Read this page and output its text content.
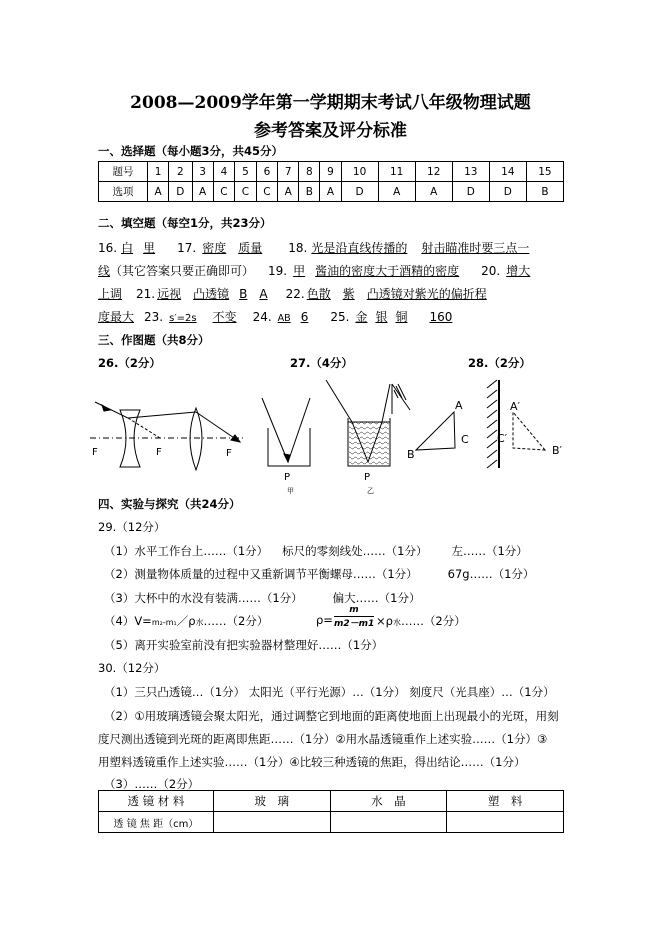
2008—2009学年第一学期期末考试八年级物理试题
参考答案及评分标准
一、选择题（每小题3分，共45分）
题号	1	2	3	4	5	6	7	8	9	10	11	12	13	14	15
选项	A	D	A	C	C	C	A	B	A	D	A	A	D	D	B
二、填空题（每空1分，共23分）
16. 白 里 17. 密度 质量 18. 光是沿直线传播的 射击瞄准时要三点一
线（其它答案只要正确即可） 19. 甲 酱油的密度大于酒精的密度 20. 增大
上调 21. 远视 凸透镜 B A 22. 色散 紫 凸透镜对紫光的偏折程
度最大 23. s′=2s 不变 24. AB 6 25. 金 银 铜 160
三、作图题（共8分）
26.（2分）	27.（4分）	28.（2分）
F	F	F
P
甲
P
乙
A
B
C
A′
B′
C′
四、实验与探究（共24分）
29.（12分）
（1）水平工作台上……（1分） 标尺的零刻线处……（1分） 左……（1分）
（2）测量物体质量的过程中又重新调节平衡螺母……（1分）	67g……（1分）
（3）大杯中的水没有装满……（1分）	偏大……（1分）
（4）V=m₂-m₁／ρ水……（2分）	ρ=
m
m2－m1 ×ρ水……（2分）
（5）离开实验室前没有把实验器材整理好……（1分）
30.（12分）
（1）三只凸透镜…（1分） 太阳光（平行光源）…（1分） 刻度尺（光具座）…（1分）
（2）①用玻璃透镜会聚太阳光，通过调整它到地面的距离使地面上出现最小的光斑，用刻
度尺测出透镜到光斑的距离即焦距……（1分）②用水晶透镜重作上述实验……（1分）③
用塑料透镜重作上述实验……（1分）④比较三种透镜的焦距，得出结论……（1分）
（3）……（2分）
透 镜 材 料	玻　璃	水　晶	塑　料
透 镜 焦 距（cm）			
